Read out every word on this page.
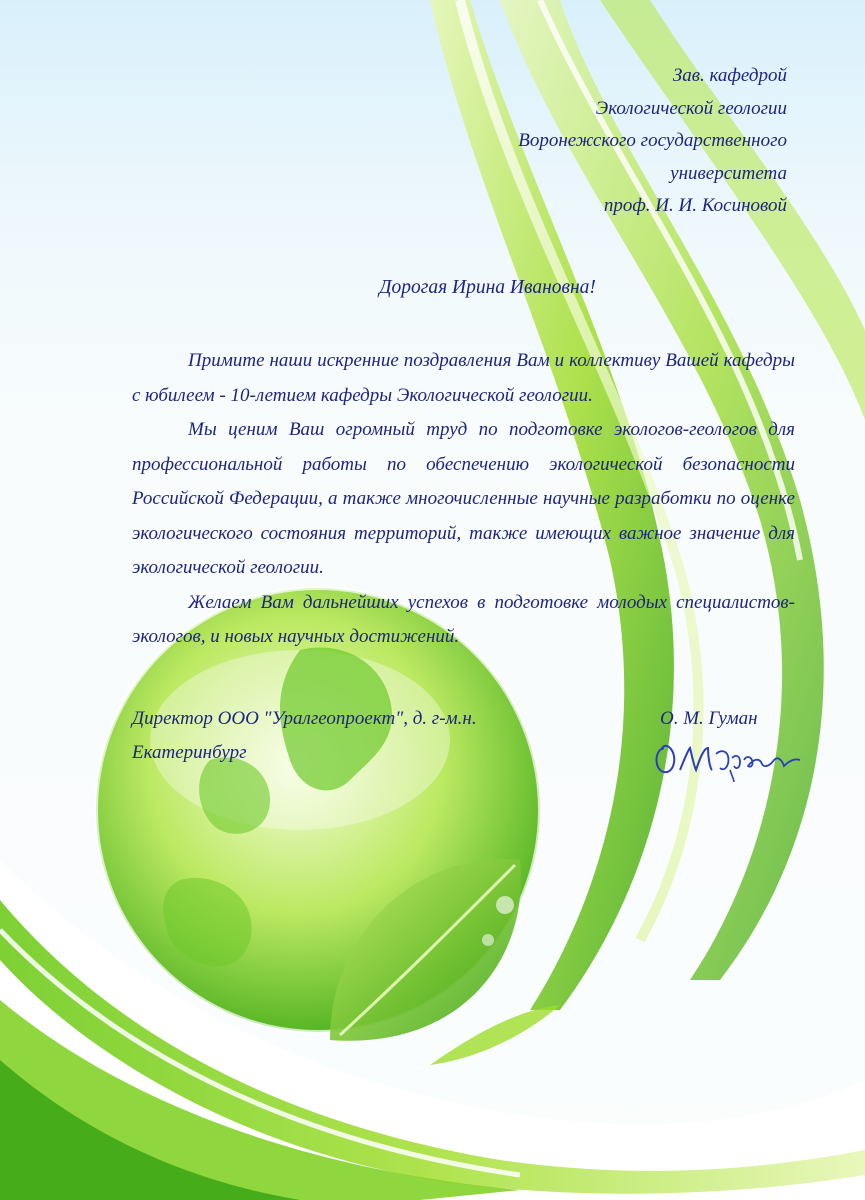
Зав. кафедрой
Экологической геологии
Воронежского государственного
университета
проф. И. И. Косиновой
Дорогая Ирина Ивановна!

Примите наши искренние поздравления Вам и коллективу Вашей кафедры с юбилеем - 10-летием кафедры Экологической геологии.

Мы ценим Ваш огромный труд по подготовке экологов-геологов для профессиональной работы по обеспечению экологической безопасности Российской Федерации, а также многочисленные научные разработки по оценке экологического состояния территорий, также имеющих важное значение для экологической геологии.

Желаем Вам дальнейших успехов в подготовке молодых специалистов-экологов, и новых научных достижений.

Директор ООО "Уралгеопроект", д. г-м.н.
Екатеринбург
О. М. Гуман
